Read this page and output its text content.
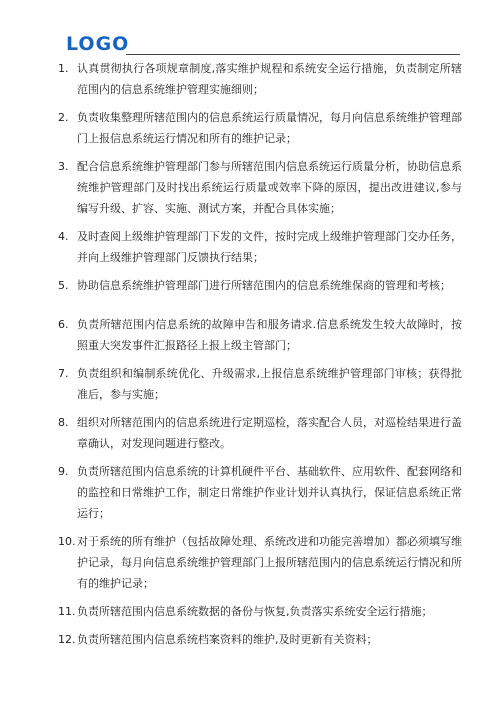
LOGO
1. 认真贯彻执行各项规章制度,落实维护规程和系统安全运行措施，负责制定所辖范围内的信息系统维护管理实施细则；
2. 负责收集整理所辖范围内的信息系统运行质量情况，每月向信息系统维护管理部门上报信息系统运行情况和所有的维护记录；
3. 配合信息系统维护管理部门参与所辖范围内信息系统运行质量分析，协助信息系统维护管理部门及时找出系统运行质量或效率下降的原因，提出改进建议,参与编写升级、扩容、实施、测试方案，并配合具体实施；
4. 及时查阅上级维护管理部门下发的文件，按时完成上级维护管理部门交办任务，并向上级维护管理部门反馈执行结果；
5. 协助信息系统维护管理部门进行所辖范围内的信息系统维保商的管理和考核；
6. 负责所辖范围内信息系统的故障申告和服务请求.信息系统发生较大故障时，按照重大突发事件汇报路径上报上级主管部门；
7. 负责组织和编制系统优化、升级需求,上报信息系统维护管理部门审核；获得批准后，参与实施；
8. 组织对所辖范围内的信息系统进行定期巡检，落实配合人员，对巡检结果进行盖章确认，对发现问题进行整改。
9. 负责所辖范围内信息系统的计算机硬件平台、基础软件、应用软件、配套网络和的监控和日常维护工作，制定日常维护作业计划并认真执行，保证信息系统正常运行；
10. 对于系统的所有维护（包括故障处理、系统改进和功能完善增加）都必须填写维护记录，每月向信息系统维护管理部门上报所辖范围内的信息系统运行情况和所有的维护记录；
11. 负责所辖范围内信息系统数据的备份与恢复,负责落实系统安全运行措施；
12. 负责所辖范围内信息系统档案资料的维护,及时更新有关资料；
